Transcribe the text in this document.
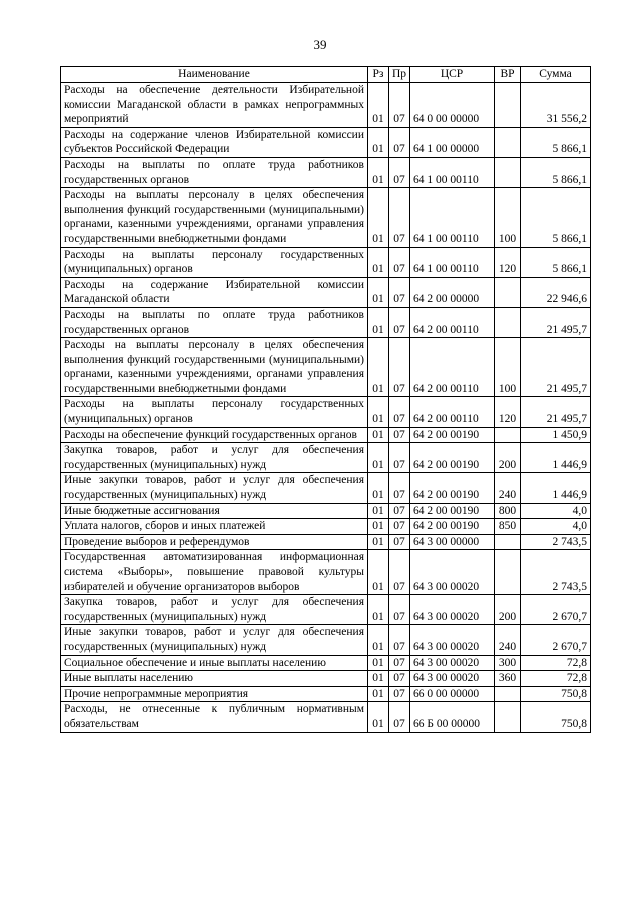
39
Наименование	Рз	Пр	ЦСР	ВР	Сумма
Расходы на обеспечение деятельности Избирательной комиссии Магаданской области в рамках непрограммных мероприятий	01	07	64 0 00 00000		31 556,2
Расходы на содержание членов Избирательной комиссии субъектов Российской Федерации	01	07	64 1 00 00000		5 866,1
Расходы на выплаты по оплате труда работников государственных органов	01	07	64 1 00 00110		5 866,1
Расходы на выплаты персоналу в целях обеспечения выполнения функций государственными (муниципальными) органами, казенными учреждениями, органами управления государственными внебюджетными фондами	01	07	64 1 00 00110	100	5 866,1
Расходы на выплаты персоналу государственных (муниципальных) органов	01	07	64 1 00 00110	120	5 866,1
Расходы на содержание Избирательной комиссии Магаданской области	01	07	64 2 00 00000		22 946,6
Расходы на выплаты по оплате труда работников государственных органов	01	07	64 2 00 00110		21 495,7
Расходы на выплаты персоналу в целях обеспечения выполнения функций государственными (муниципальными) органами, казенными учреждениями, органами управления государственными внебюджетными фондами	01	07	64 2 00 00110	100	21 495,7
Расходы на выплаты персоналу государственных (муниципальных) органов	01	07	64 2 00 00110	120	21 495,7
Расходы на обеспечение функций государственных органов	01	07	64 2 00 00190		1 450,9
Закупка товаров, работ и услуг для обеспечения государственных (муниципальных) нужд	01	07	64 2 00 00190	200	1 446,9
Иные закупки товаров, работ и услуг для обеспечения государственных (муниципальных) нужд	01	07	64 2 00 00190	240	1 446,9
Иные бюджетные ассигнования	01	07	64 2 00 00190	800	4,0
Уплата налогов, сборов и иных платежей	01	07	64 2 00 00190	850	4,0
Проведение выборов и референдумов	01	07	64 3 00 00000		2 743,5
Государственная автоматизированная информационная система «Выборы», повышение правовой культуры избирателей и обучение организаторов выборов	01	07	64 3 00 00020		2 743,5
Закупка товаров, работ и услуг для обеспечения государственных (муниципальных) нужд	01	07	64 3 00 00020	200	2 670,7
Иные закупки товаров, работ и услуг для обеспечения государственных (муниципальных) нужд	01	07	64 3 00 00020	240	2 670,7
Социальное обеспечение и иные выплаты населению	01	07	64 3 00 00020	300	72,8
Иные выплаты населению	01	07	64 3 00 00020	360	72,8
Прочие непрограммные мероприятия	01	07	66 0 00 00000		750,8
Расходы, не отнесенные к публичным нормативным обязательствам	01	07	66 Б 00 00000		750,8
